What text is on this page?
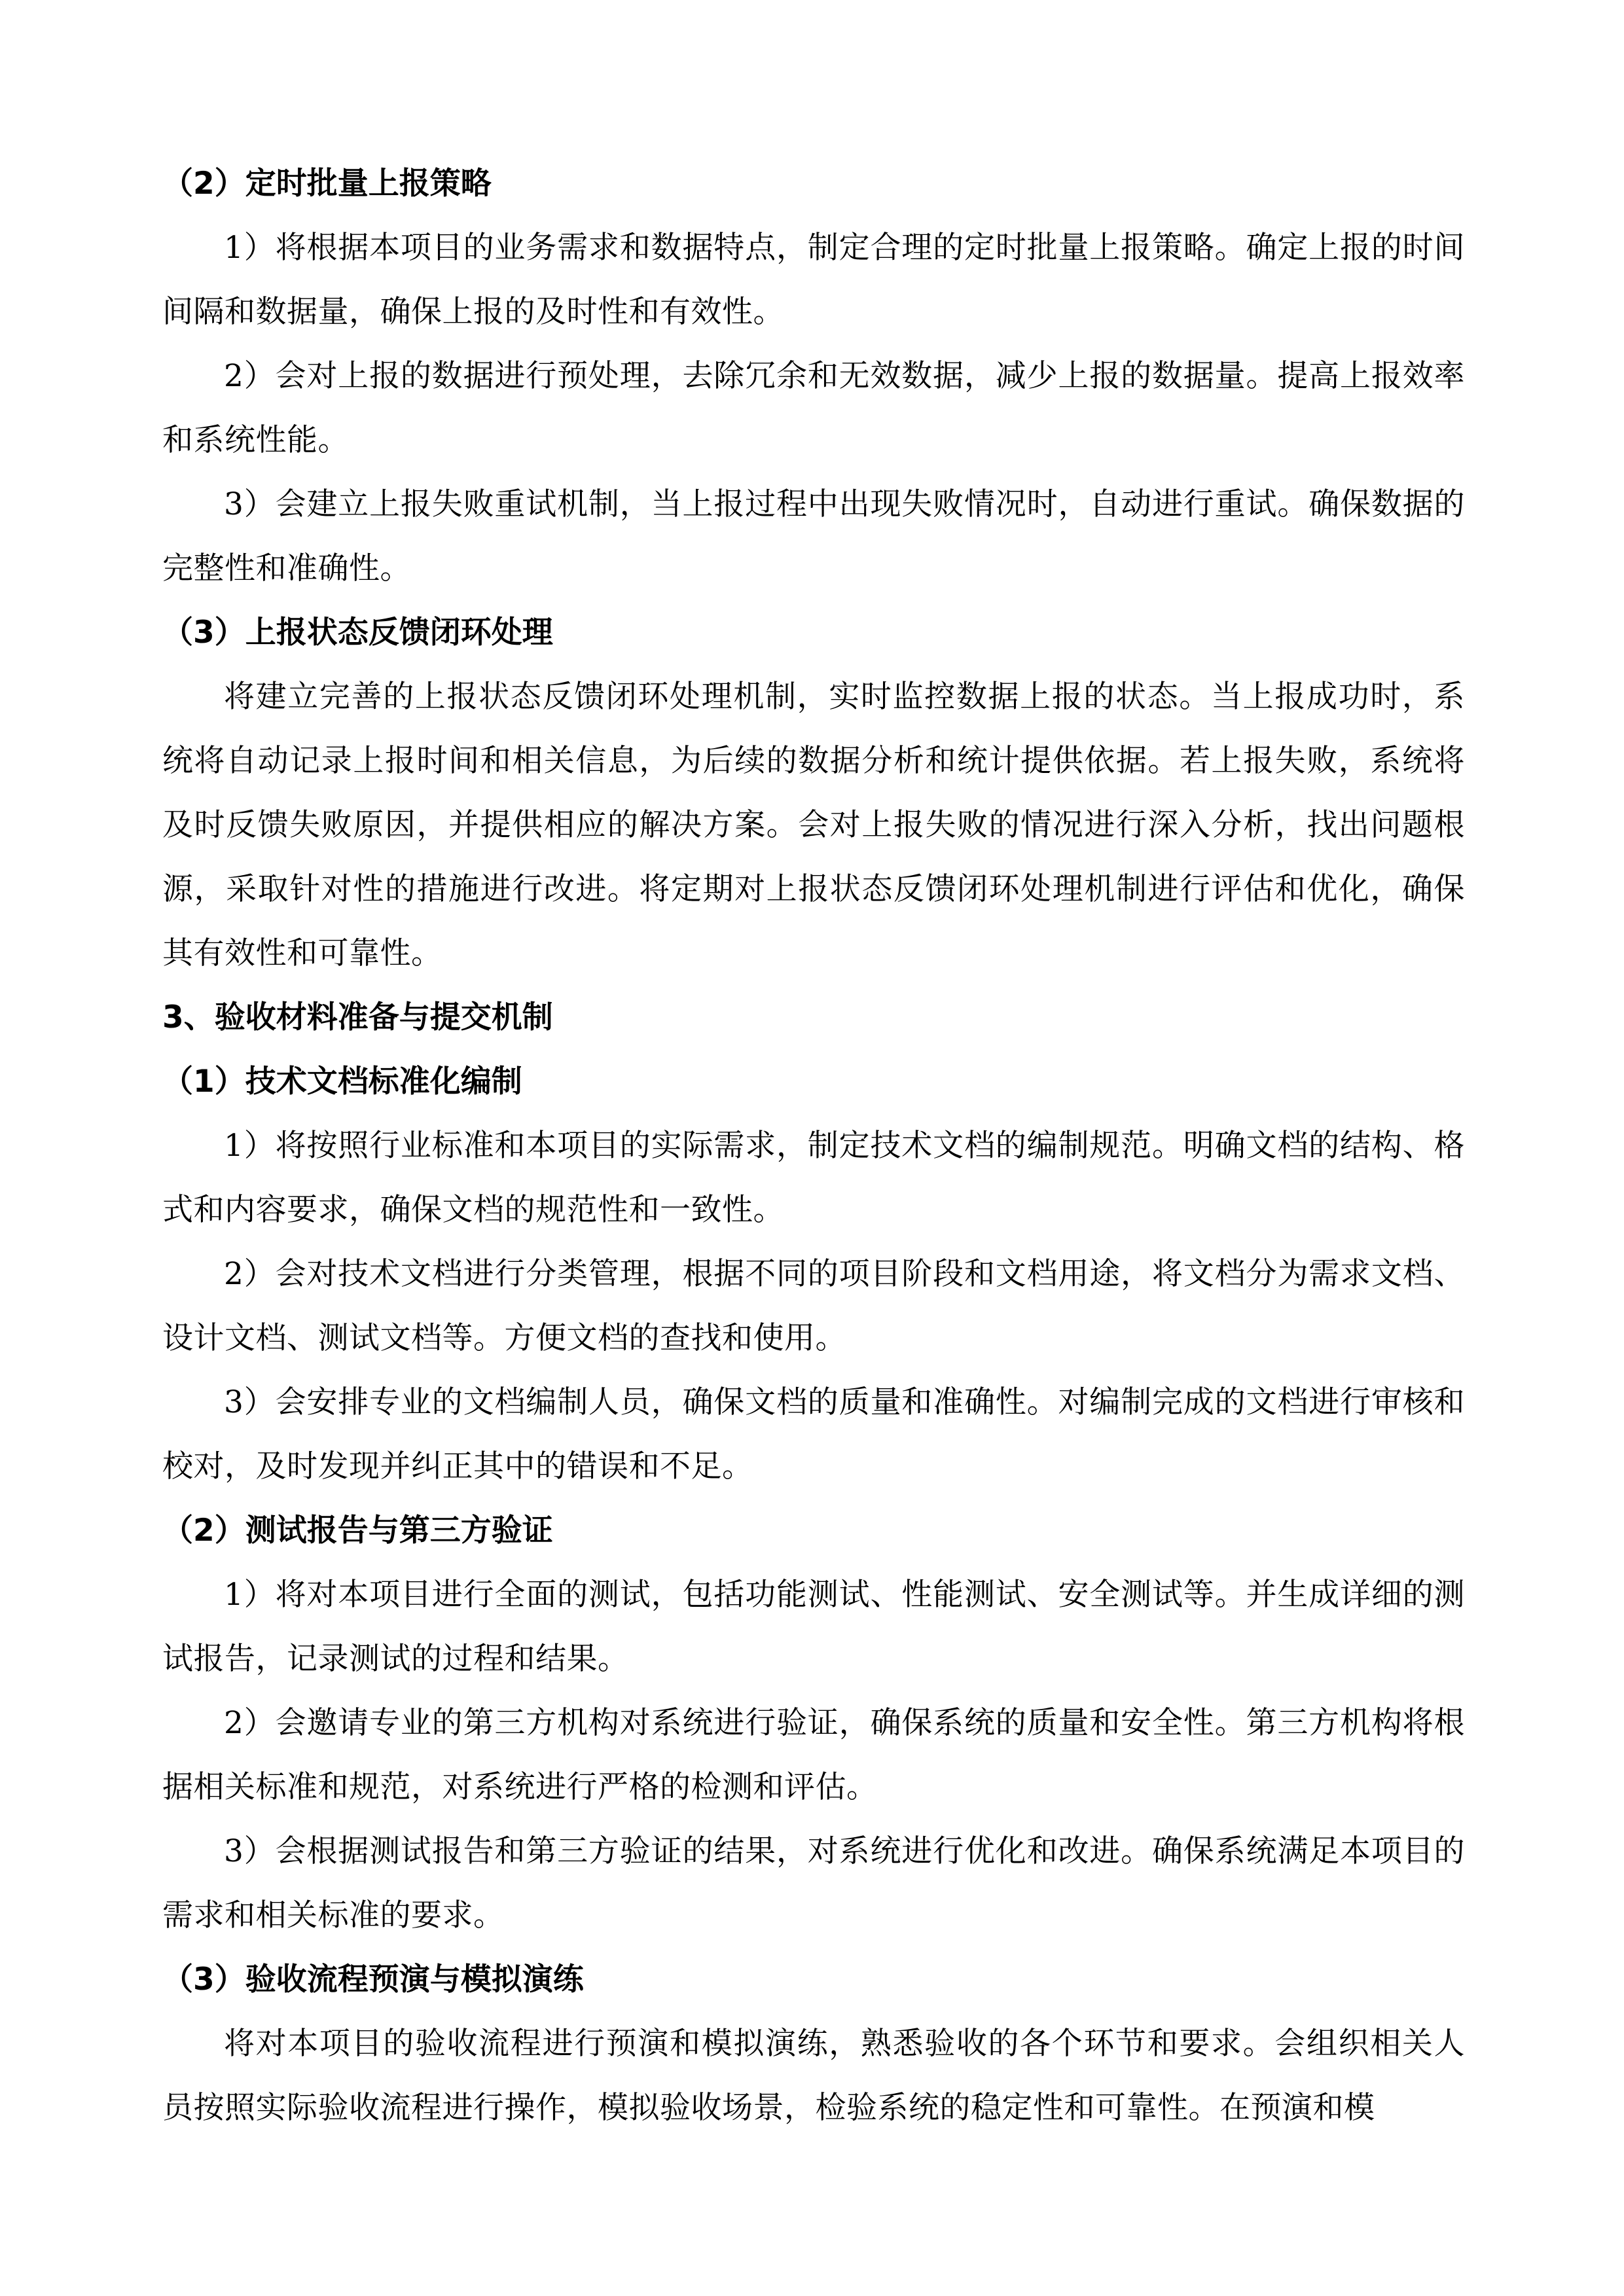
（2）定时批量上报策略

1）将根据本项目的业务需求和数据特点，制定合理的定时批量上报策略。确定上报的时间间隔和数据量，确保上报的及时性和有效性。

2）会对上报的数据进行预处理，去除冗余和无效数据，减少上报的数据量。提高上报效率和系统性能。

3）会建立上报失败重试机制，当上报过程中出现失败情况时，自动进行重试。确保数据的完整性和准确性。

（3）上报状态反馈闭环处理

将建立完善的上报状态反馈闭环处理机制，实时监控数据上报的状态。当上报成功时，系统将自动记录上报时间和相关信息，为后续的数据分析和统计提供依据。若上报失败，系统将及时反馈失败原因，并提供相应的解决方案。会对上报失败的情况进行深入分析，找出问题根源，采取针对性的措施进行改进。将定期对上报状态反馈闭环处理机制进行评估和优化，确保其有效性和可靠性。

3、验收材料准备与提交机制

（1）技术文档标准化编制

1）将按照行业标准和本项目的实际需求，制定技术文档的编制规范。明确文档的结构、格式和内容要求，确保文档的规范性和一致性。

2）会对技术文档进行分类管理，根据不同的项目阶段和文档用途，将文档分为需求文档、设计文档、测试文档等。方便文档的查找和使用。

3）会安排专业的文档编制人员，确保文档的质量和准确性。对编制完成的文档进行审核和校对，及时发现并纠正其中的错误和不足。

（2）测试报告与第三方验证

1）将对本项目进行全面的测试，包括功能测试、性能测试、安全测试等。并生成详细的测试报告，记录测试的过程和结果。

2）会邀请专业的第三方机构对系统进行验证，确保系统的质量和安全性。第三方机构将根据相关标准和规范，对系统进行严格的检测和评估。

3）会根据测试报告和第三方验证的结果，对系统进行优化和改进。确保系统满足本项目的需求和相关标准的要求。

（3）验收流程预演与模拟演练

将对本项目的验收流程进行预演和模拟演练，熟悉验收的各个环节和要求。会组织相关人员按照实际验收流程进行操作，模拟验收场景，检验系统的稳定性和可靠性。在预演和模
